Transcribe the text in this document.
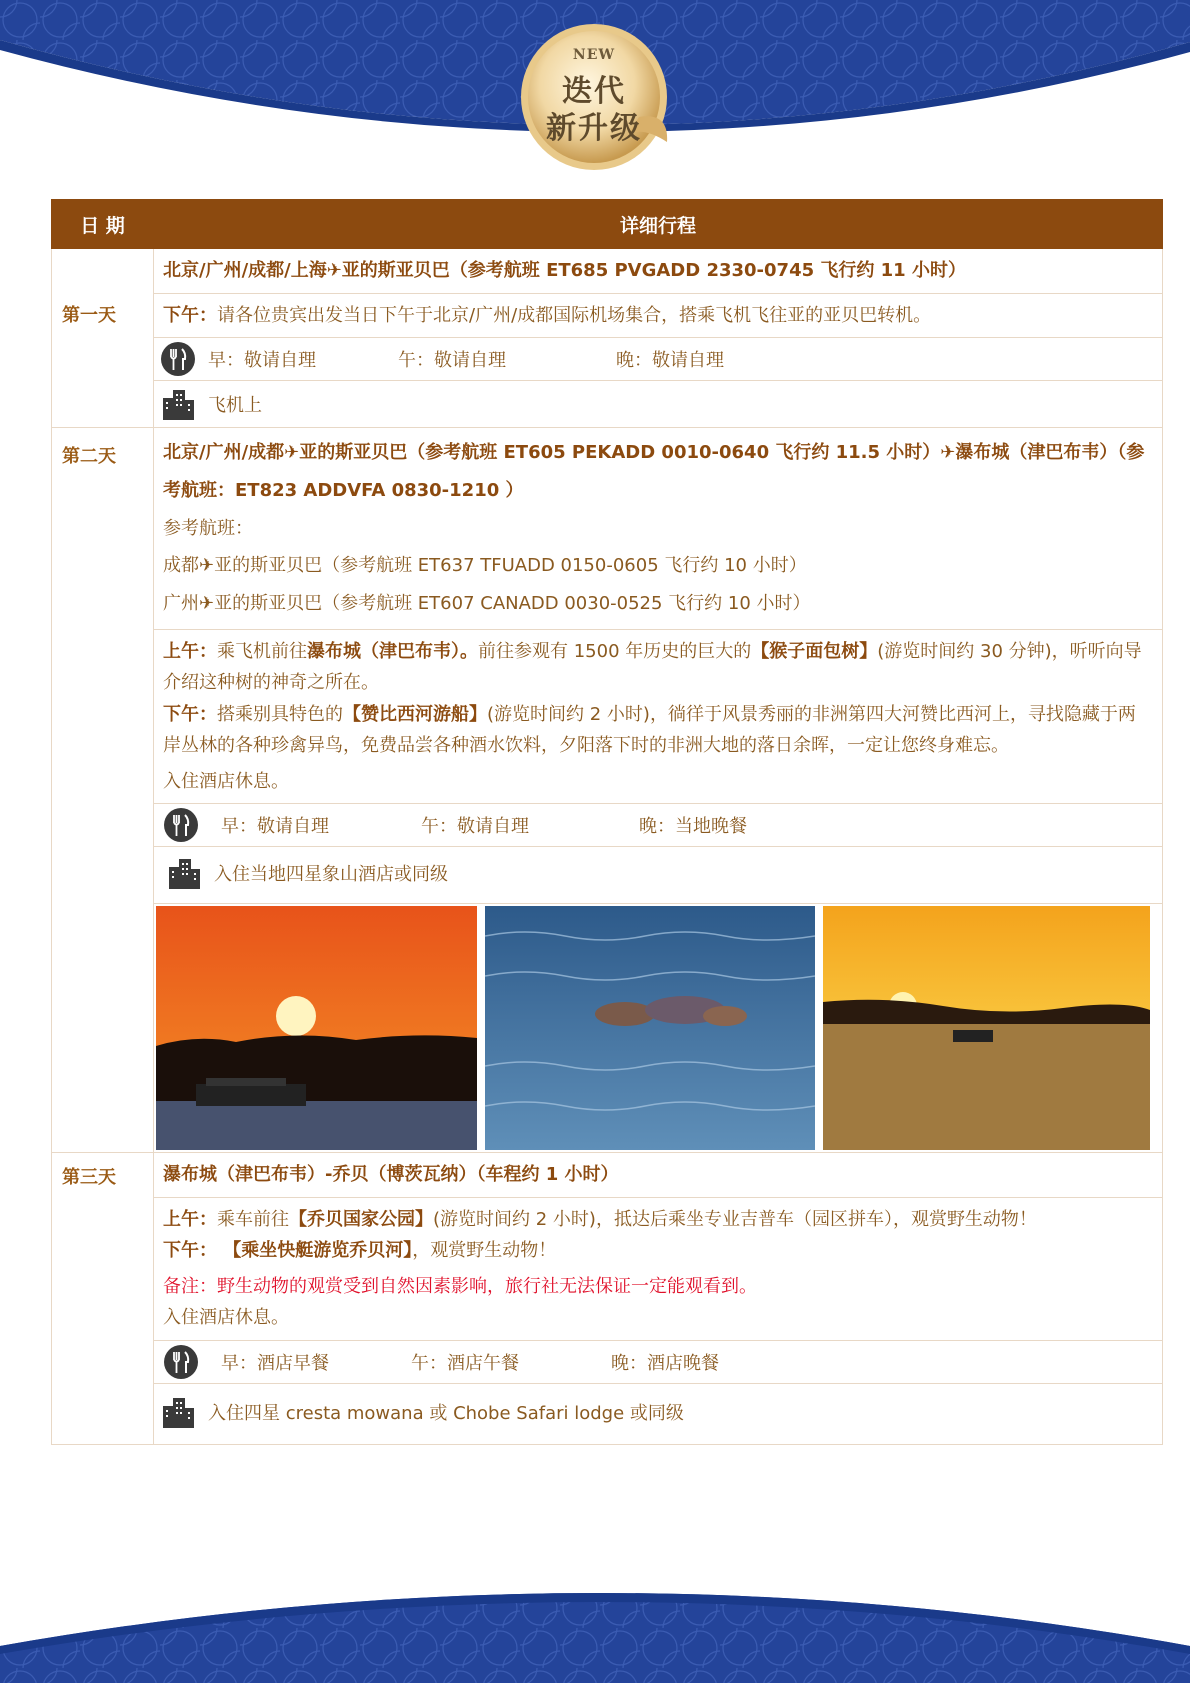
NEW
迭代
新升级
日 期	详细行程

第一天	北京/广州/成都/上海✈亚的斯亚贝巴（参考航班 ET685 PVGADD 2330-0745 飞行约 11 小时）

	下午：请各位贵宾出发当日下午于北京/广州/成都国际机场集合，搭乘飞机飞往亚的亚贝巴转机。

	早：敬请自理 午：敬请自理 晚：敬请自理

	飞机上

第二天	北京/广州/成都✈亚的斯亚贝巴（参考航班 ET605 PEKADD 0010-0640 飞行约 11.5 小时）✈瀑布城（津巴布韦）（参考航班：ET823 ADDVFA 0830-1210 ）

参考航班：

成都✈亚的斯亚贝巴（参考航班 ET637 TFUADD 0150-0605 飞行约 10 小时）

广州✈亚的斯亚贝巴（参考航班 ET607 CANADD 0030-0525 飞行约 10 小时）

	上午：乘飞机前往瀑布城（津巴布韦）。前往参观有 1500 年历史的巨大的【猴子面包树】(游览时间约 30 分钟)，听听向导介绍这种树的神奇之所在。

下午：搭乘别具特色的【赞比西河游船】(游览时间约 2 小时)，徜徉于风景秀丽的非洲第四大河赞比西河上，寻找隐藏于两岸丛林的各种珍禽异鸟，免费品尝各种酒水饮料，夕阳落下时的非洲大地的落日余晖，一定让您终身难忘。

入住酒店休息。

	早：敬请自理 午：敬请自理 晚：当地晚餐

	入住当地四星象山酒店或同级

第三天	瀑布城（津巴布韦）-乔贝（博茨瓦纳）（车程约 1 小时）

	上午：乘车前往【乔贝国家公园】(游览时间约 2 小时)，抵达后乘坐专业吉普车（园区拼车），观赏野生动物！

下午： 【乘坐快艇游览乔贝河】，观赏野生动物！

备注：野生动物的观赏受到自然因素影响，旅行社无法保证一定能观看到。

入住酒店休息。

	早：酒店早餐 午：酒店午餐 晚：酒店晚餐

	入住四星 cresta mowana 或 Chobe Safari lodge 或同级
